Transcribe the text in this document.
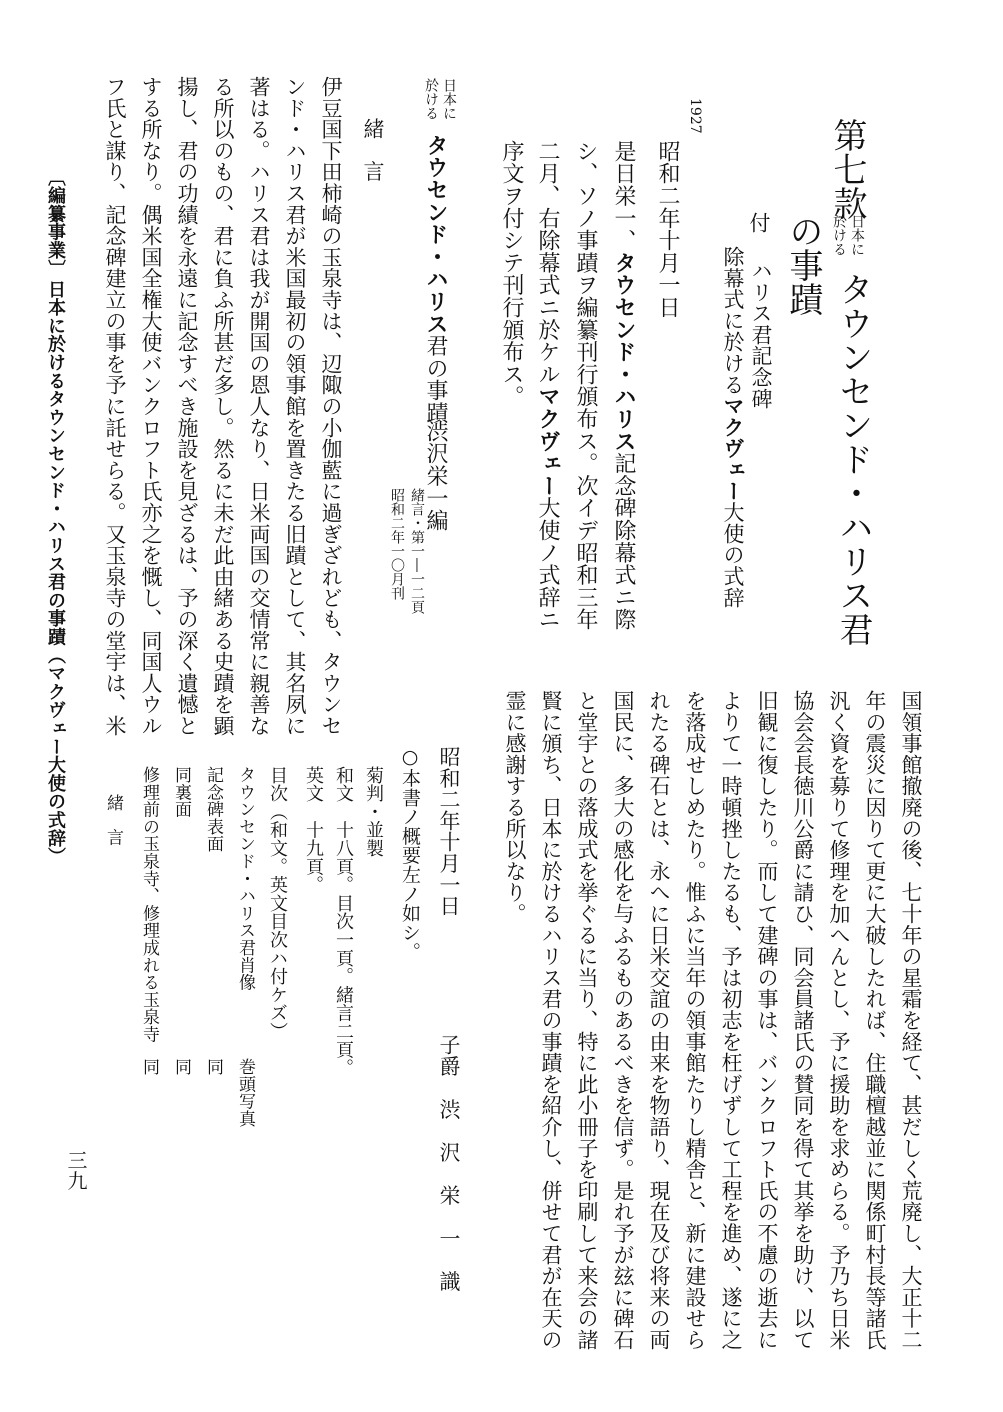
第七款
日本に
於ける
タウンセンド・ハリス君
の事蹟
付
ハリス君記念碑
除幕式に於けるマクヴェー大使の式辞
1927
昭和二年十月一日
是日栄一、タウセンド・ハリス記念碑除幕式ニ際
シ、ソノ事蹟ヲ編纂刊行頒布ス。次イデ昭和三年
二月、右除幕式ニ於ケルマクヴェー大使ノ式辞ニ
序文ヲ付シテ刊行頒布ス。
日本に
於ける
タウセンド・ハリス君の事蹟
渋沢栄一編
緒言・第一―一二頁
昭和二年一〇月刊
緒　言
伊豆国下田柿崎の玉泉寺は、辺陬の小伽藍に過ぎざれども、タウンセ
ンド・ハリス君が米国最初の領事館を置きたる旧蹟として、其名夙に
著はる。ハリス君は我が開国の恩人なり、日米両国の交情常に親善な
る所以のもの、君に負ふ所甚だ多し。然るに未だ此由緒ある史蹟を顕
揚し、君の功績を永遠に記念すべき施設を見ざるは、予の深く遺憾と
する所なり。偶米国全権大使バンクロフト氏亦之を慨し、同国人ウル
フ氏と謀り、記念碑建立の事を予に託せらる。又玉泉寺の堂宇は、米
国領事館撤廃の後、七十年の星霜を経て、甚だしく荒廃し、大正十二
年の震災に因りて更に大破したれば、住職檀越並に関係町村長等諸氏
汎く資を募りて修理を加へんとし、予に援助を求めらる。予乃ち日米
協会会長徳川公爵に請ひ、同会員諸氏の賛同を得て其挙を助け、以て
旧観に復したり。而して建碑の事は、バンクロフト氏の不慮の逝去に
よりて一時頓挫したるも、予は初志を枉げずして工程を進め、遂に之
を落成せしめたり。惟ふに当年の領事館たりし精舎と、新に建設せら
れたる碑石とは、永へに日米交誼の由来を物語り、現在及び将来の両
国民に、多大の感化を与ふるものあるべきを信ず。是れ予が玆に碑石
と堂宇との落成式を挙ぐるに当り、特に此小冊子を印刷して来会の諸
賢に頒ち、日本に於けるハリス君の事蹟を紹介し、併せて君が在天の
霊に感謝する所以なり。
昭和二年十月一日
子爵　渋　沢　栄　一　識
○本書ノ概要左ノ如シ。
菊判・並製
和文　十八頁。目次一頁。緒言二頁。
英文　十九頁。
目次（和文。英文目次ハ付ケズ）
タウンセンド・ハリス君肖像
巻頭写真
記念碑表面
同
同裏面
同
修理前の玉泉寺、修理成れる玉泉寺
同
緒　言
〔編纂事業〕
日本に於けるタウンセンド・ハリス君の事蹟（マクヴェー大使の式辞）
三九
